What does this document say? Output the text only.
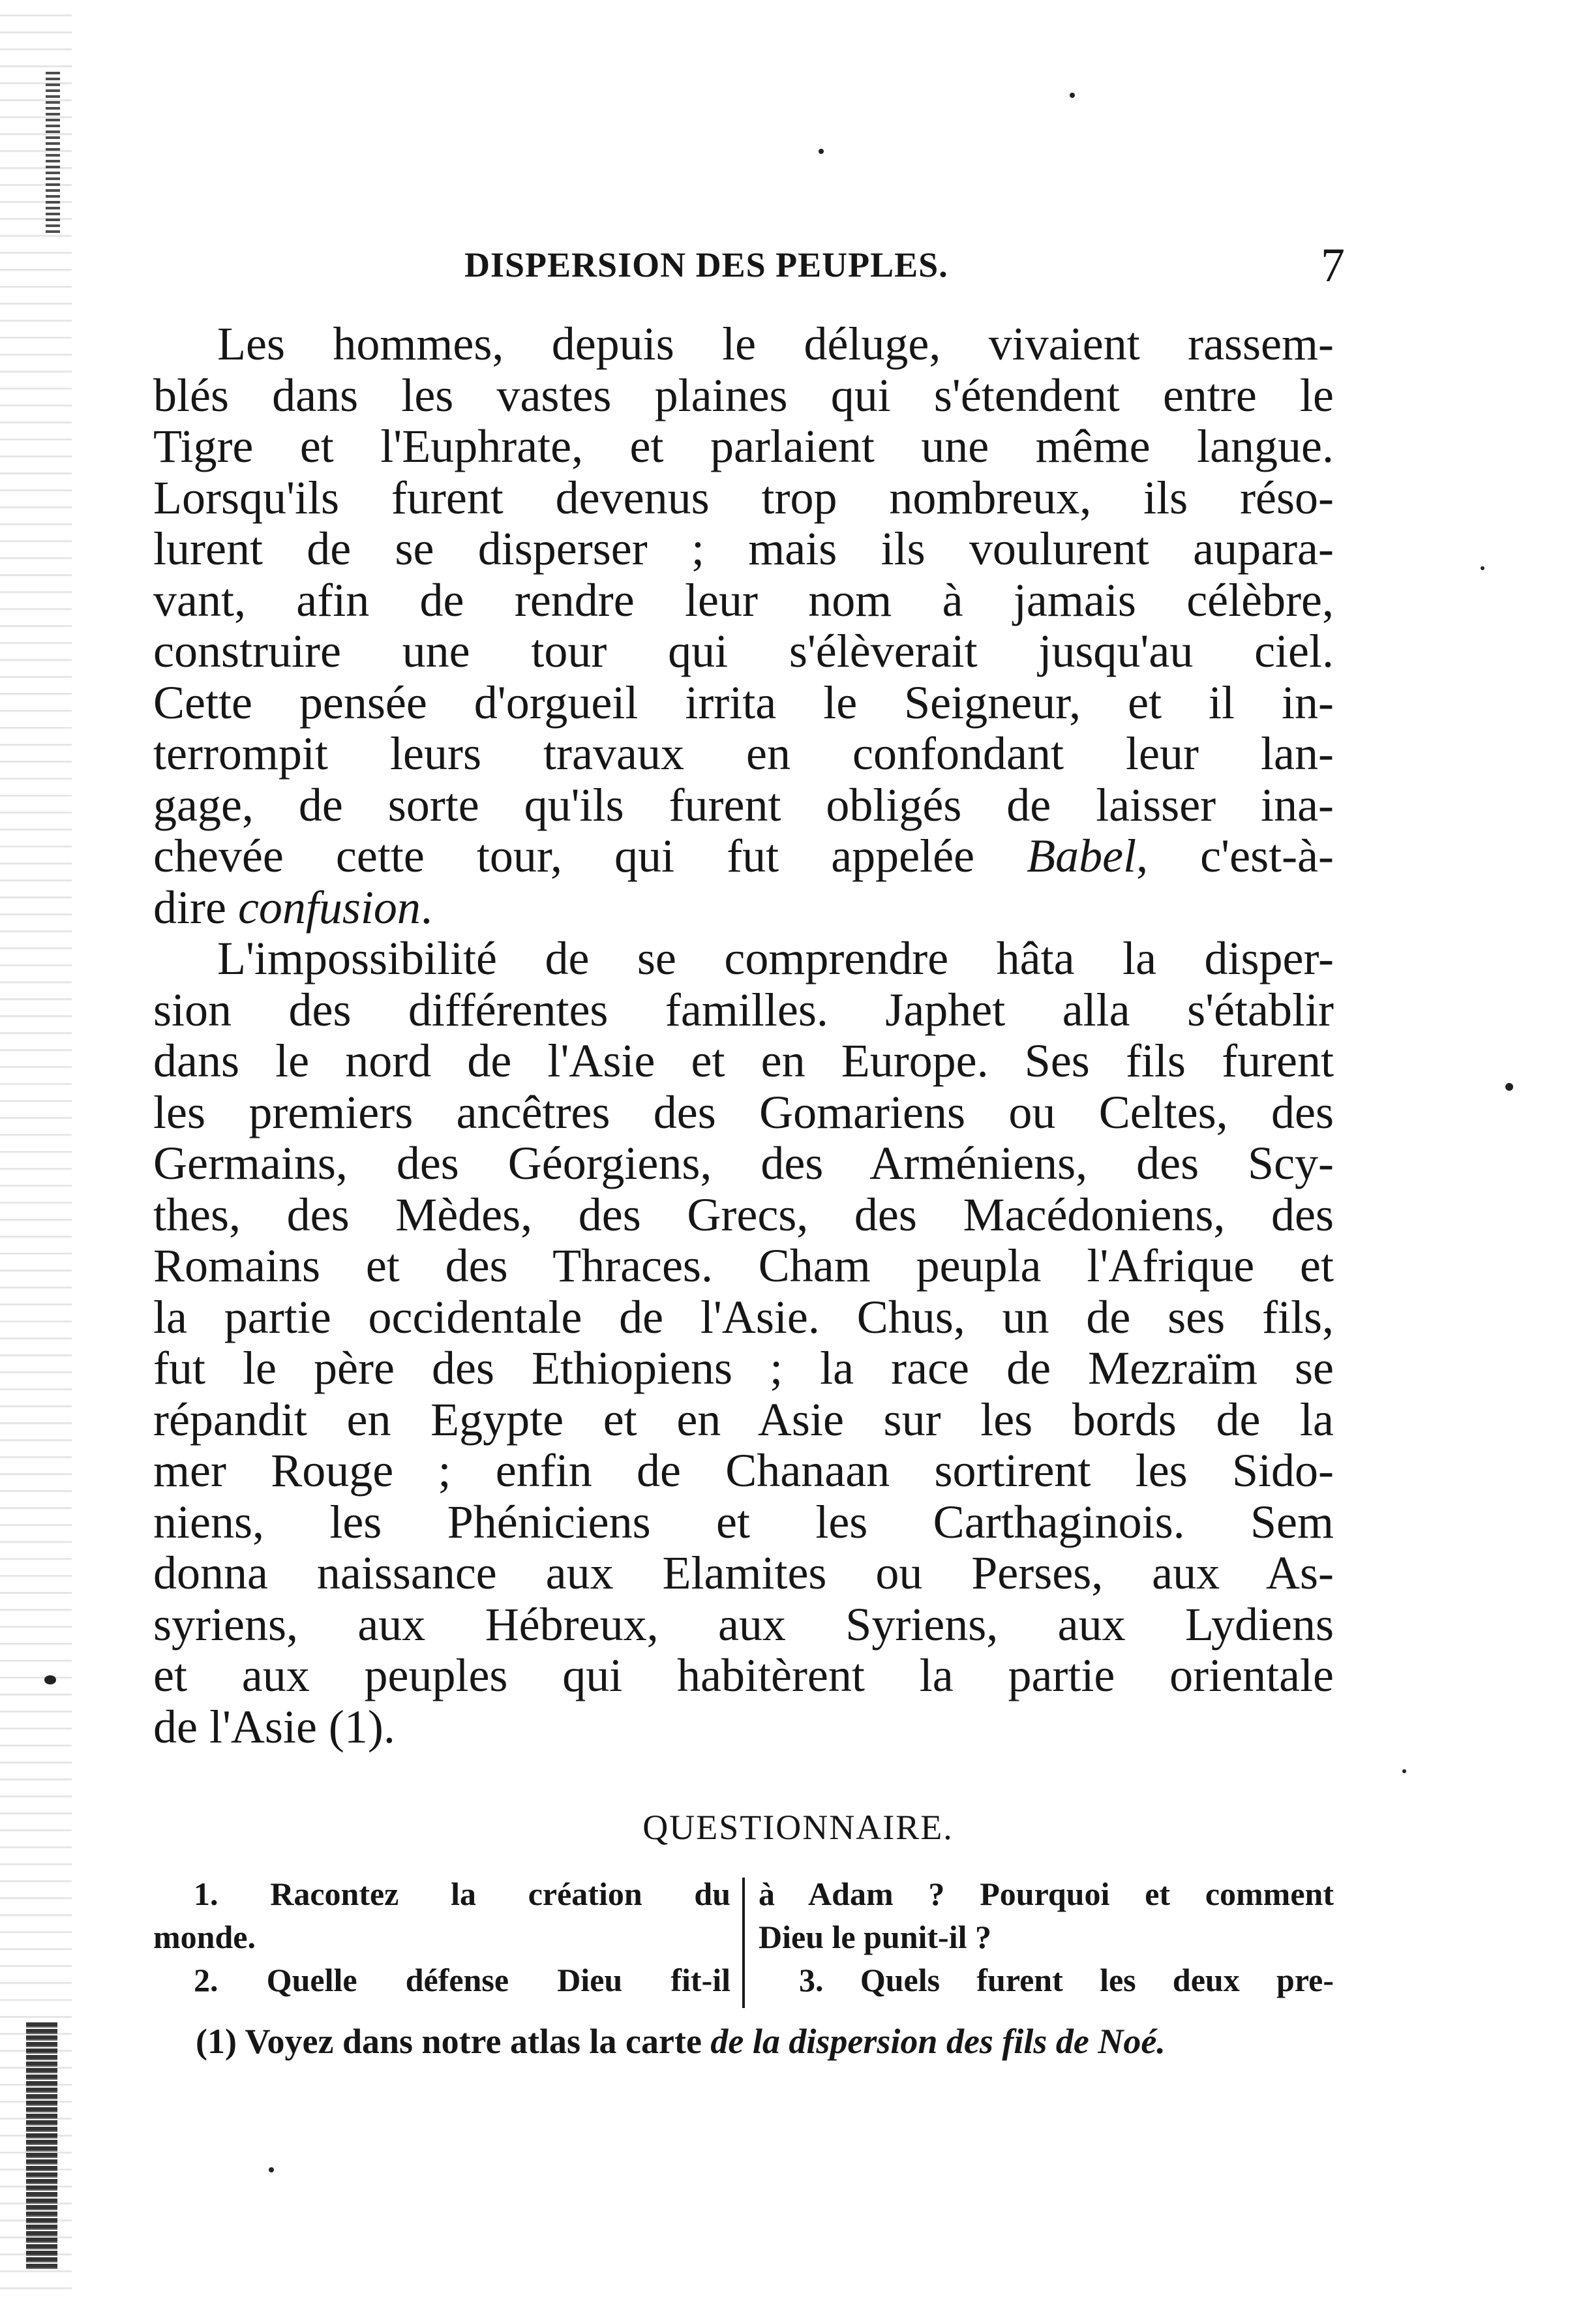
DISPERSION DES PEUPLES.	7
Les hommes, depuis le déluge, vivaient rassem-
blés dans les vastes plaines qui s'étendent entre le
Tigre et l'Euphrate, et parlaient une même langue.
Lorsqu'ils furent devenus trop nombreux, ils réso-
lurent de se disperser ; mais ils voulurent aupara-
vant, afin de rendre leur nom à jamais célèbre,
construire une tour qui s'élèverait jusqu'au ciel.
Cette pensée d'orgueil irrita le Seigneur, et il in-
terrompit leurs travaux en confondant leur lan-
gage, de sorte qu'ils furent obligés de laisser ina-
chevée cette tour, qui fut appelée Babel, c'est-à-
dire confusion.
L'impossibilité de se comprendre hâta la disper-
sion des différentes familles. Japhet alla s'établir
dans le nord de l'Asie et en Europe. Ses fils furent
les premiers ancêtres des Gomariens ou Celtes, des
Germains, des Géorgiens, des Arméniens, des Scy-
thes, des Mèdes, des Grecs, des Macédoniens, des
Romains et des Thraces. Cham peupla l'Afrique et
la partie occidentale de l'Asie. Chus, un de ses fils,
fut le père des Ethiopiens ; la race de Mezraïm se
répandit en Egypte et en Asie sur les bords de la
mer Rouge ; enfin de Chanaan sortirent les Sido-
niens, les Phéniciens et les Carthaginois. Sem
donna naissance aux Elamites ou Perses, aux As-
syriens, aux Hébreux, aux Syriens, aux Lydiens
et aux peuples qui habitèrent la partie orientale
de l'Asie (1).
QUESTIONNAIRE.
1. Racontez la création du
monde.
2. Quelle défense Dieu fit-il
à Adam ? Pourquoi et comment
Dieu le punit-il ?
3. Quels furent les deux pre-
(1) Voyez dans notre atlas la carte de la dispersion des fils de Noé.
